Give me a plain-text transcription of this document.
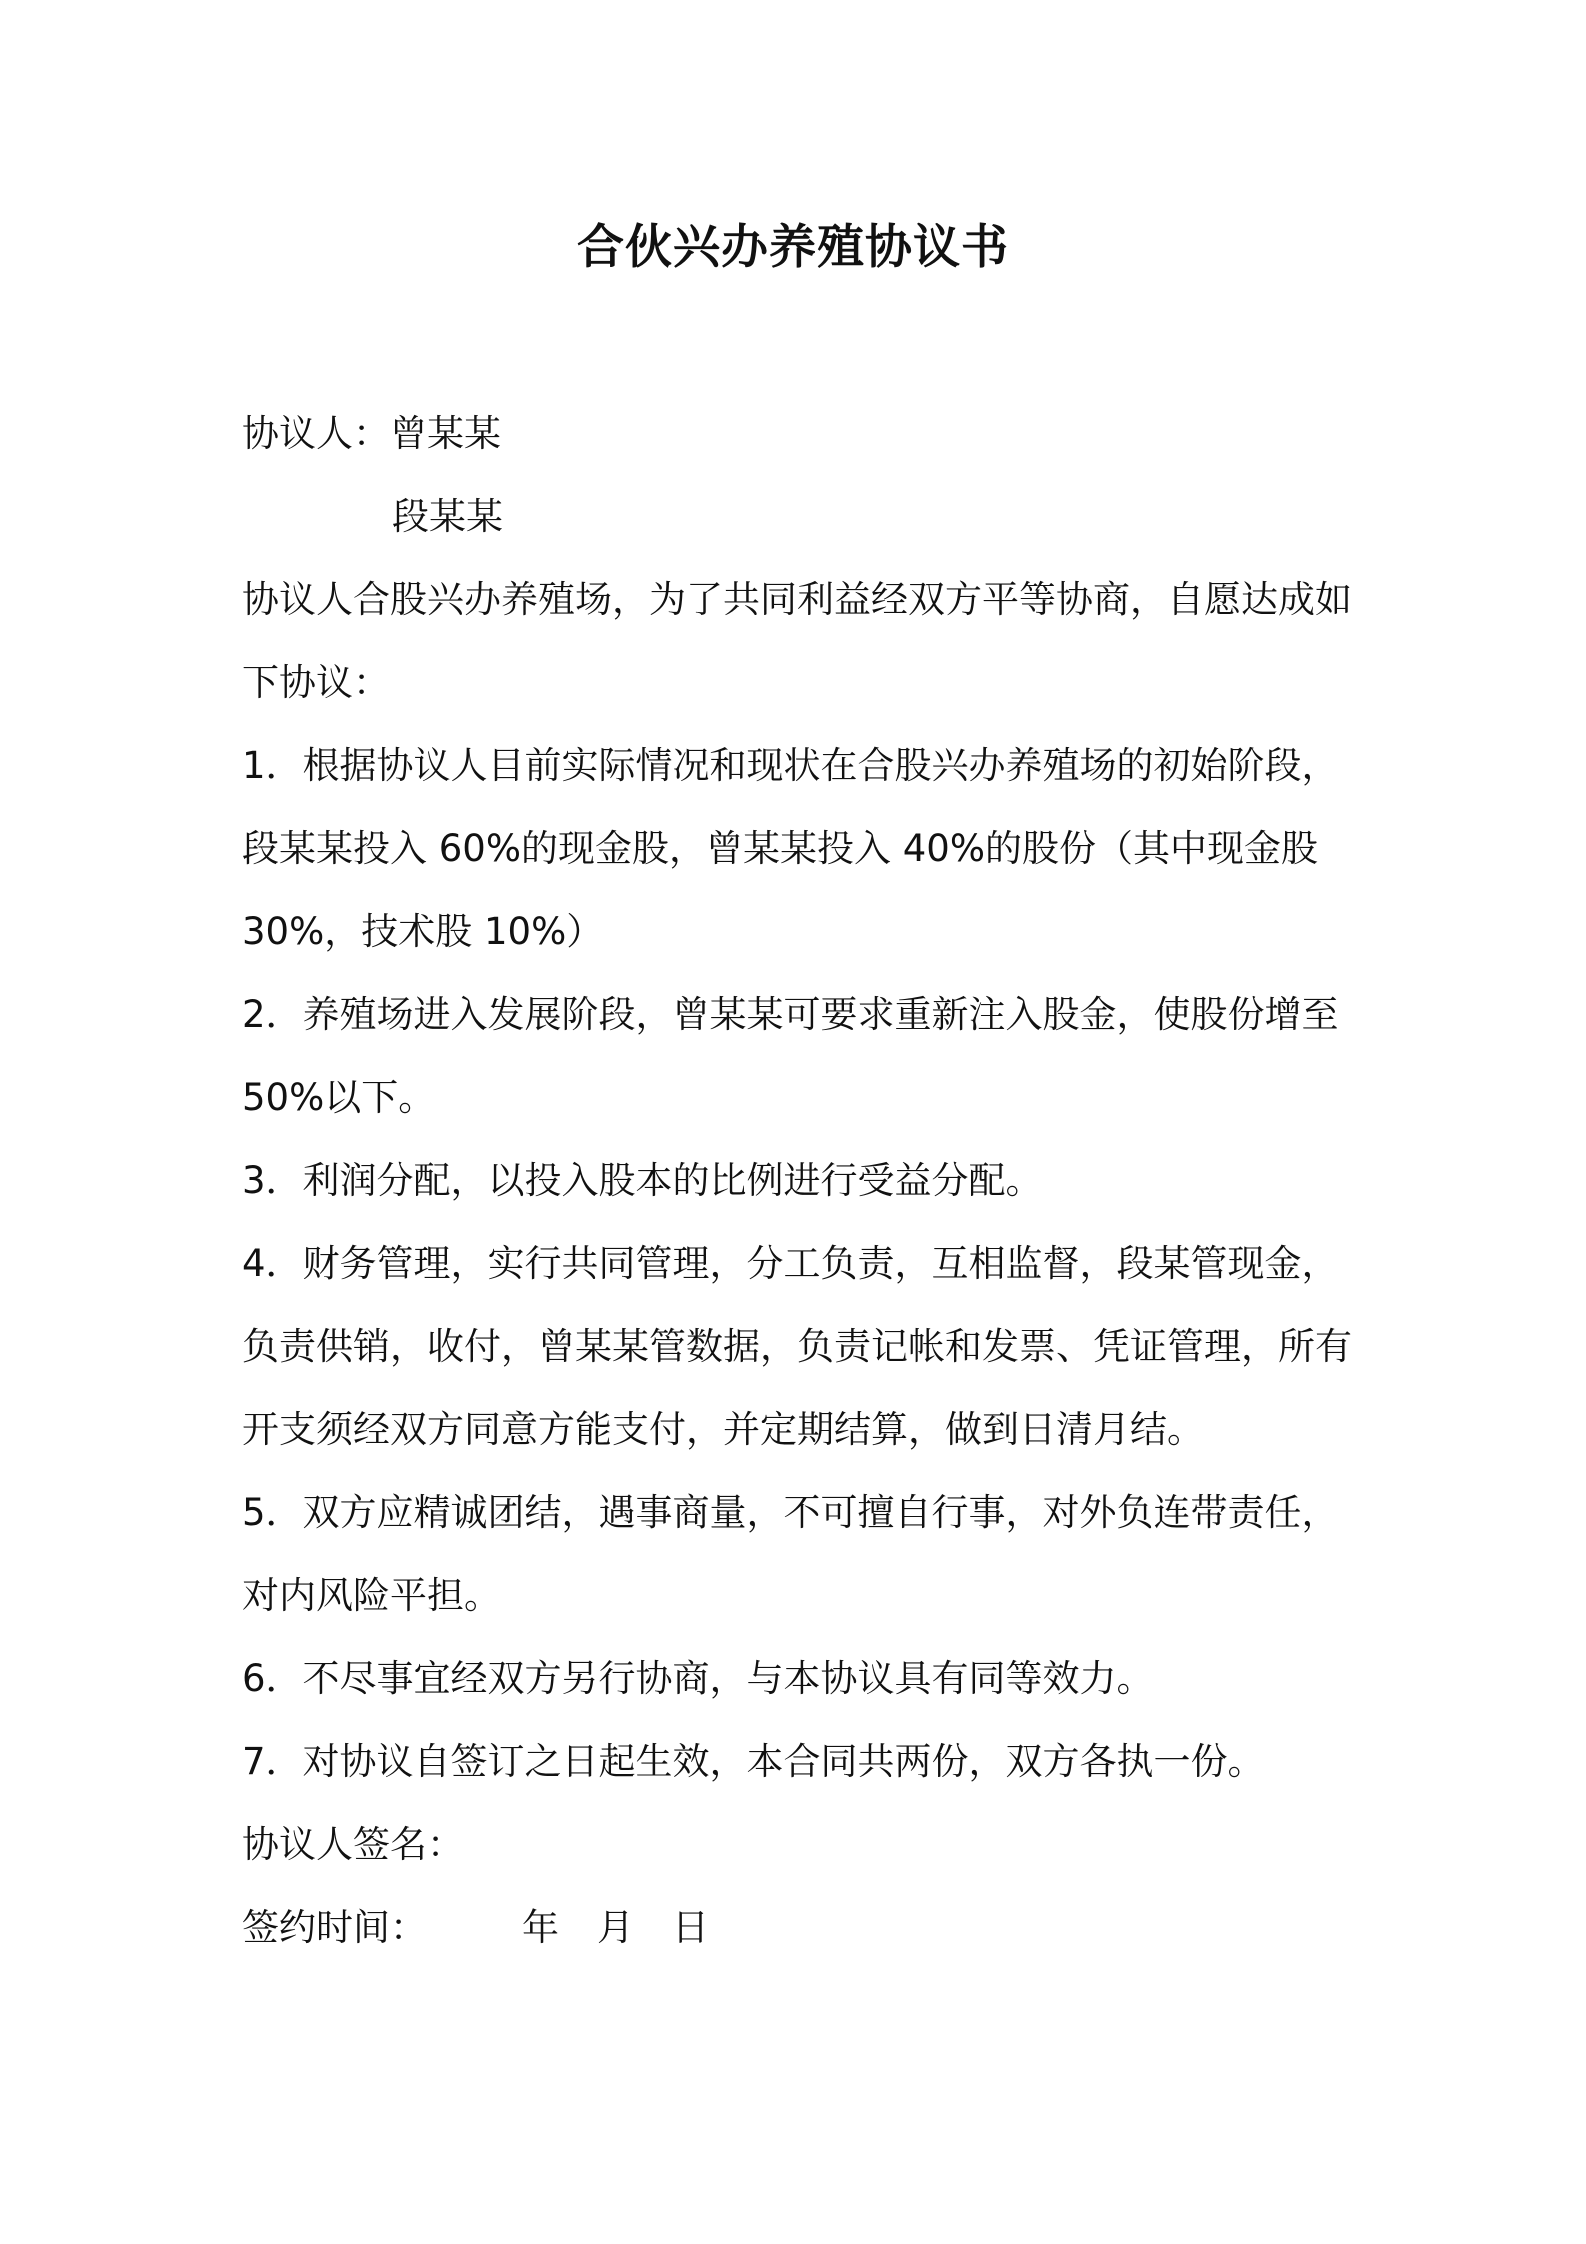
合伙兴办养殖协议书
协议人：曾某某
段某某
协议人合股兴办养殖场，为了共同利益经双方平等协商，自愿达成如
下协议：
1．根据协议人目前实际情况和现状在合股兴办养殖场的初始阶段，
段某某投入 60%的现金股，曾某某投入 40%的股份（其中现金股
30%，技术股 10%）
2．养殖场进入发展阶段，曾某某可要求重新注入股金，使股份增至
50%以下。
3．利润分配，以投入股本的比例进行受益分配。
4．财务管理，实行共同管理，分工负责，互相监督，段某管现金，
负责供销，收付，曾某某管数据，负责记帐和发票、凭证管理，所有
开支须经双方同意方能支付，并定期结算，做到日清月结。
5．双方应精诚团结，遇事商量，不可擅自行事，对外负连带责任，
对内风险平担。
6．不尽事宜经双方另行协商，与本协议具有同等效力。
7．对协议自签订之日起生效，本合同共两份，双方各执一份。
协议人签名：
签约时间：	年 月 日
